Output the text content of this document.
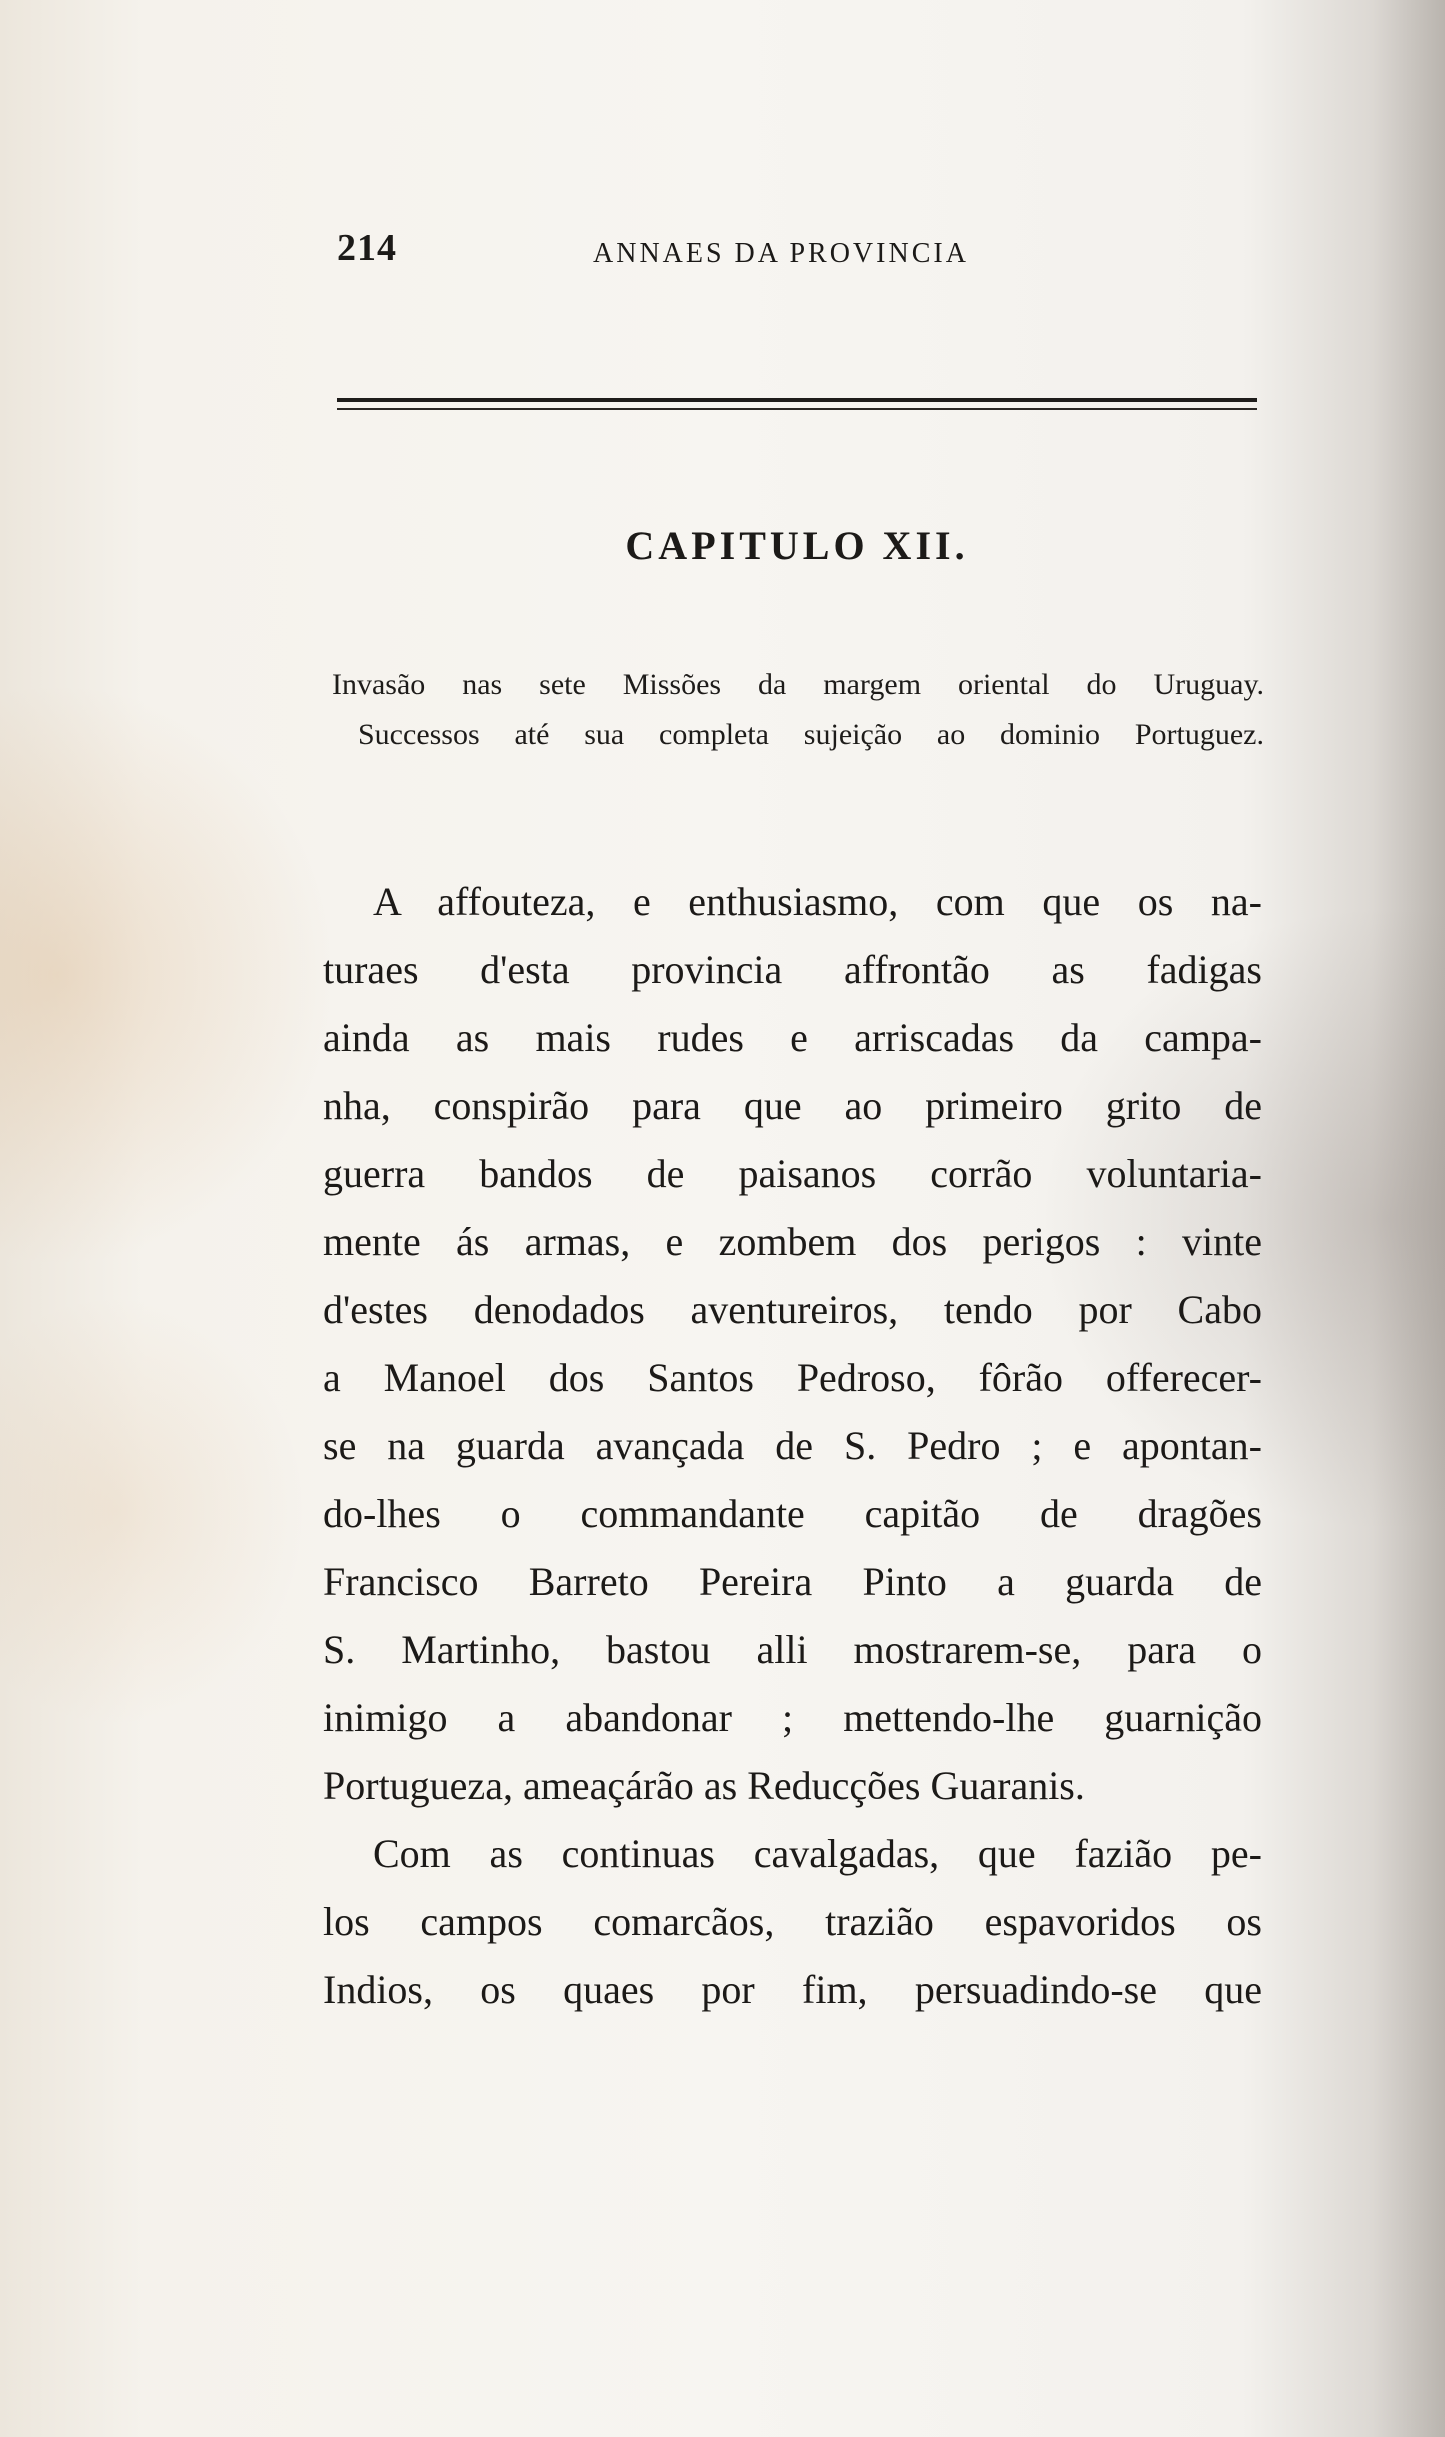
214	ANNAES DA PROVINCIA
CAPITULO XII.
Invasão nas sete Missões da margem oriental do Uruguay.
Successos até sua completa sujeição ao dominio Portuguez.
A affouteza, e enthusiasmo, com que os na-
turaes d'esta provincia affrontão as fadigas
ainda as mais rudes e arriscadas da campa-
nha, conspirão para que ao primeiro grito de
guerra bandos de paisanos corrão voluntaria-
mente ás armas, e zombem dos perigos : vinte
d'estes denodados aventureiros, tendo por Cabo
a Manoel dos Santos Pedroso, fôrão offerecer-
se na guarda avançada de S. Pedro ; e apontan-
do-lhes o commandante capitão de dragões
Francisco Barreto Pereira Pinto a guarda de
S. Martinho, bastou alli mostrarem-se, para o
inimigo a abandonar ; mettendo-lhe guarnição
Portugueza, ameaçárão as Reducções Guaranis.
Com as continuas cavalgadas, que fazião pe-
los campos comarcãos, trazião espavoridos os
Indios, os quaes por fim, persuadindo-se que
